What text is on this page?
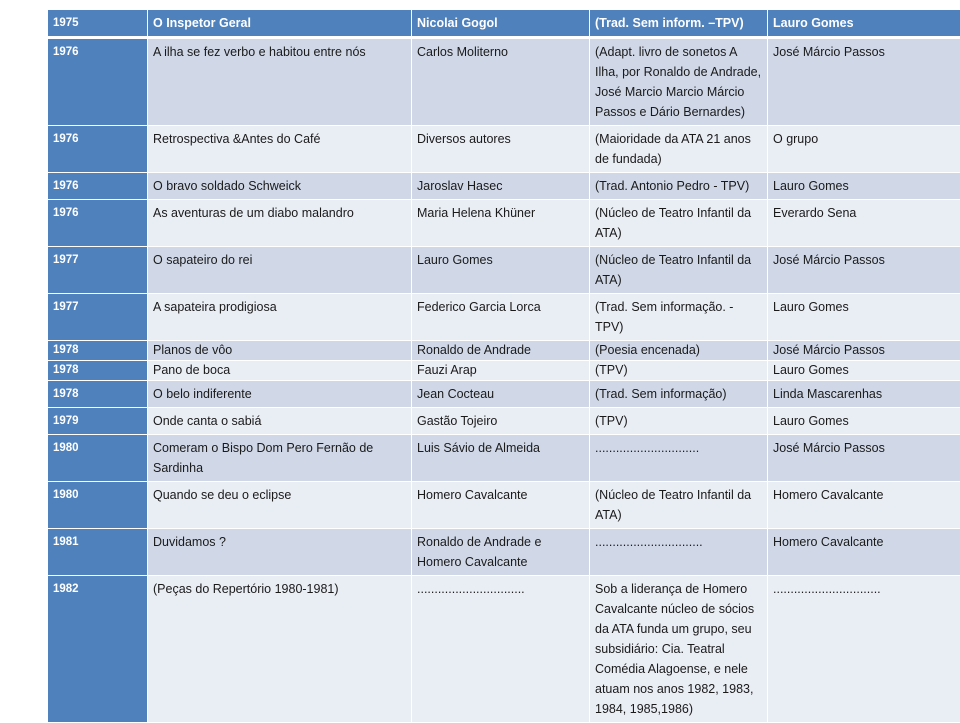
1975	O Inspetor Geral	Nicolai Gogol	(Trad. Sem inform. –TPV)	Lauro Gomes
1976	A ilha se fez verbo e habitou entre nós	Carlos Moliterno	(Adapt. livro de sonetos A Ilha, por Ronaldo de Andrade, José Marcio Marcio Márcio Passos e Dário Bernardes)	José Márcio Passos
1976	Retrospectiva &Antes do Café	Diversos autores	(Maioridade da ATA 21 anos de fundada)	O grupo
1976	O bravo soldado Schweick	Jaroslav Hasec	(Trad. Antonio Pedro - TPV)	Lauro Gomes
1976	As aventuras de um diabo malandro	Maria Helena Khüner	(Núcleo de Teatro Infantil da ATA)	Everardo Sena
1977	O sapateiro do rei	Lauro Gomes	(Núcleo de Teatro Infantil da ATA)	José Márcio Passos
1977	A sapateira prodigiosa	Federico Garcia Lorca	(Trad. Sem informação. - TPV)	Lauro Gomes
1978	Planos de vôo	Ronaldo de Andrade	(Poesia encenada)	José Márcio Passos
1978	Pano de boca	Fauzi Arap	(TPV)	Lauro Gomes
1978	O belo indiferente	Jean Cocteau	(Trad. Sem informação)	Linda Mascarenhas
1979	Onde canta o sabiá	Gastão Tojeiro	(TPV)	Lauro Gomes
1980	Comeram o Bispo Dom Pero Fernão de Sardinha	Luis Sávio de Almeida	..............................	José Márcio Passos
1980	Quando se deu o eclipse	Homero Cavalcante	(Núcleo de Teatro Infantil da ATA)	Homero Cavalcante
1981	Duvidamos ?	Ronaldo de Andrade e Homero Cavalcante	...............................	Homero Cavalcante
1982	(Peças do Repertório 1980-1981)	...............................	Sob a liderança de Homero Cavalcante núcleo de sócios da ATA funda um grupo, seu subsidiário: Cia. Teatral Comédia Alagoense, e nele atuam nos anos 1982, 1983, 1984, 1985,1986)	...............................
